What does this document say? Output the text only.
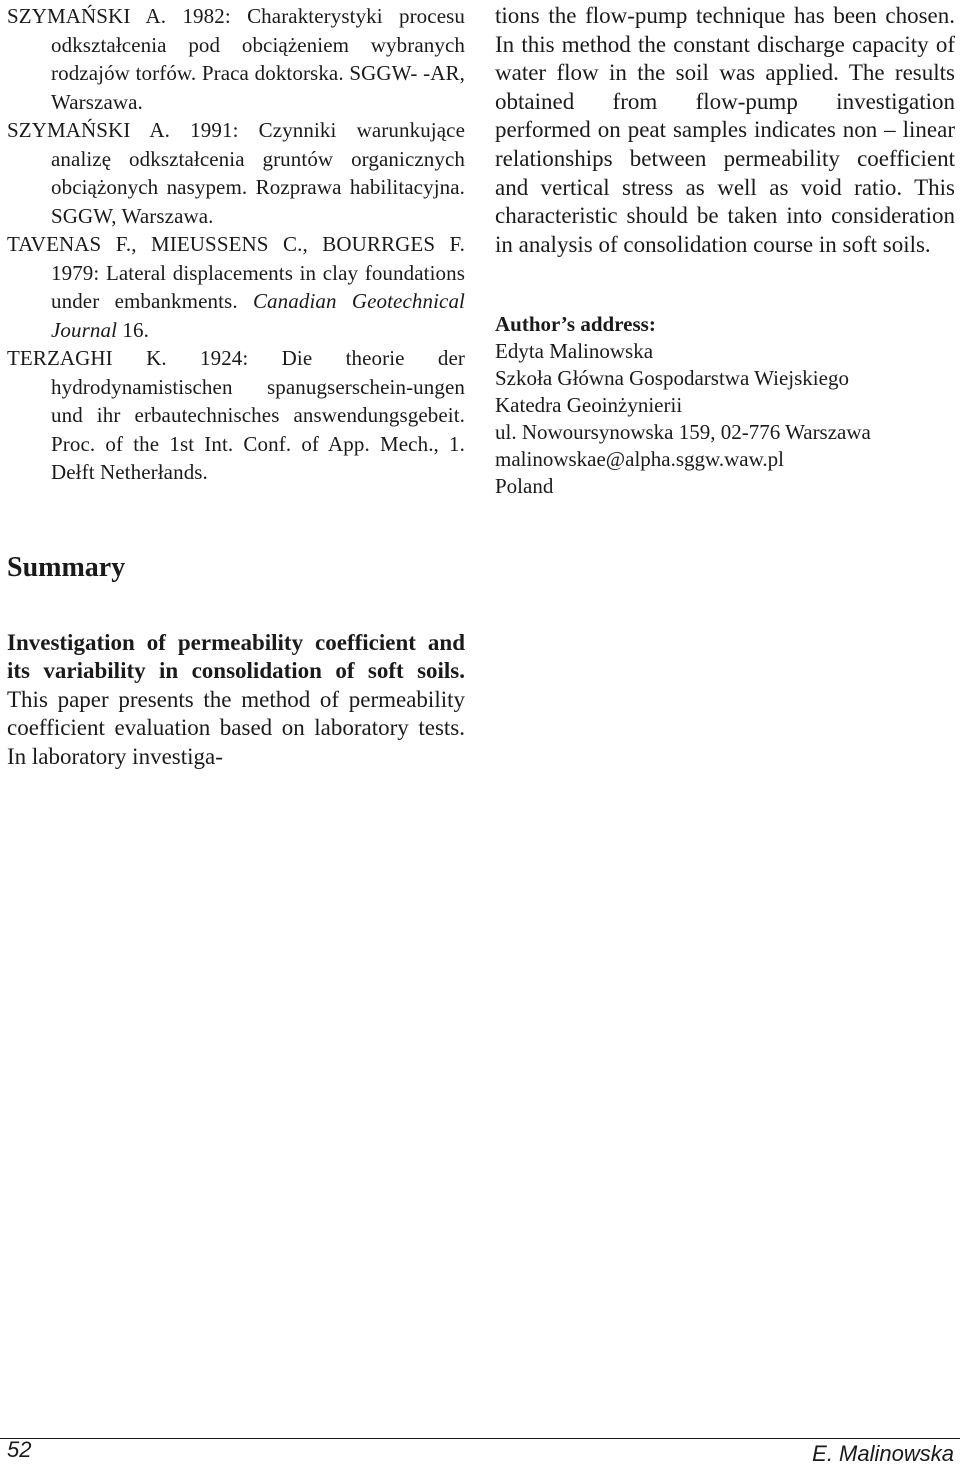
SZYMAŃSKI A. 1982: Charakterystyki procesu odkształcenia pod obciążeniem wybranych rodzajów torfów. Praca doktorska. SGGW- -AR, Warszawa.

SZYMAŃSKI A. 1991: Czynniki warunkujące analizę odkształcenia gruntów organicznych obciążonych nasypem. Rozprawa habilitacyjna. SGGW, Warszawa.

TAVENAS F., MIEUSSENS C., BOURRGES F. 1979: Lateral displacements in clay foundations under embankments. Canadian Geotechnical Journal 16.

TERZAGHI K. 1924: Die theorie der hydrodynamistischen spanugserschein-ungen und ihr erbautechnisches answendungsgebeit. Proc. of the 1st Int. Conf. of App. Mech., 1. Dełft Netherłands.

Summary

Investigation of permeability coefficient and its variability in consolidation of soft soils. This paper presents the method of permeability coefficient evaluation based on laboratory tests. In laboratory investiga-

tions the flow-pump technique has been chosen. In this method the constant discharge capacity of water flow in the soil was applied. The results obtained from flow-pump investigation performed on peat samples indicates non – linear relationships between permeability coefficient and vertical stress as well as void ratio. This characteristic should be taken into consideration in analysis of consolidation course in soft soils.

Author’s address:
Edyta Malinowska
Szkoła Główna Gospodarstwa Wiejskiego
Katedra Geoinżynierii
ul. Nowoursynowska 159, 02-776 Warszawa
malinowskae@alpha.sggw.waw.pl
Poland
52	E. Malinowska
